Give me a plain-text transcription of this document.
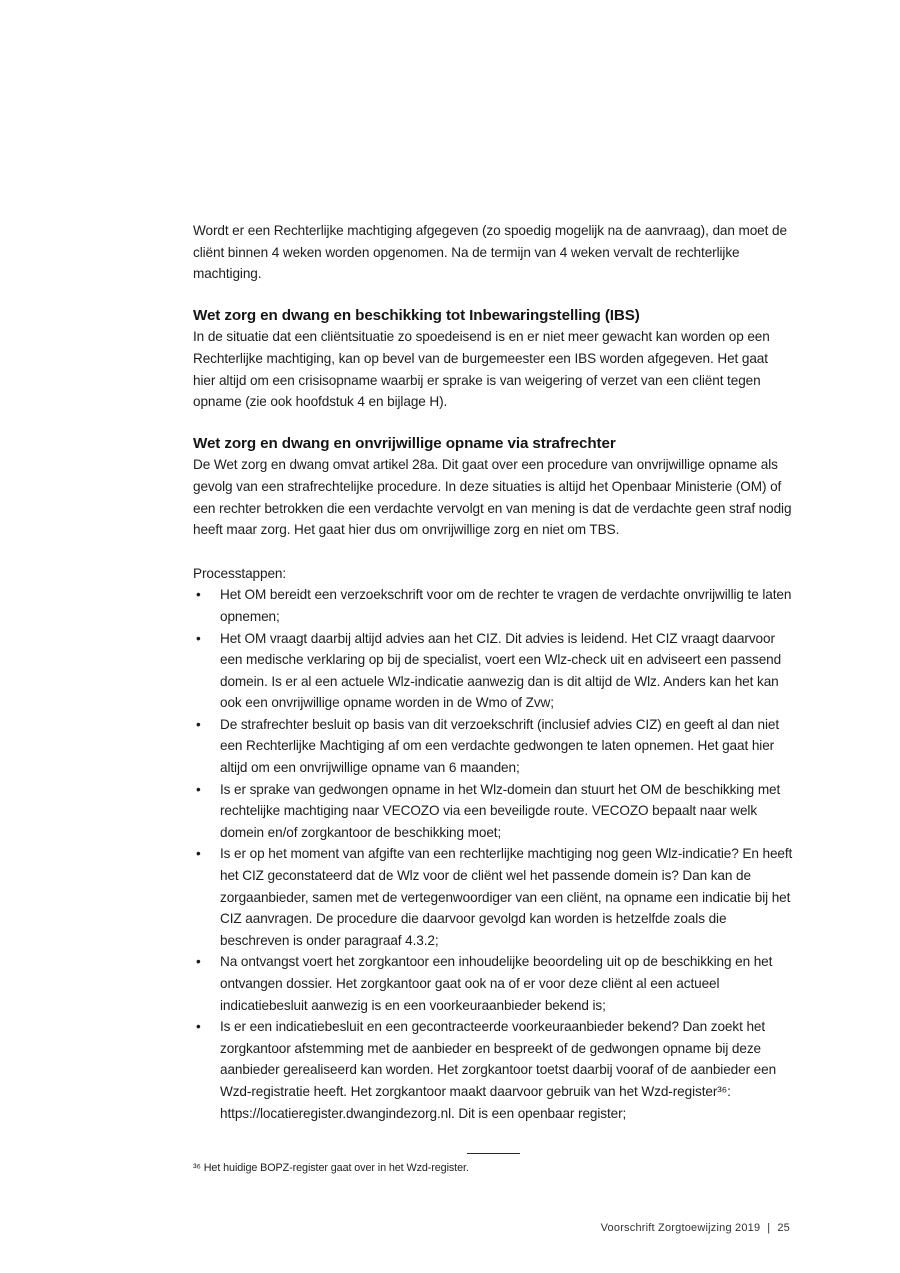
Wordt er een Rechterlijke machtiging afgegeven (zo spoedig mogelijk na de aanvraag), dan moet de cliënt binnen 4 weken worden opgenomen. Na de termijn van 4 weken vervalt de rechterlijke machtiging.

Wet zorg en dwang en beschikking tot Inbewaringstelling (IBS)

In de situatie dat een cliëntsituatie zo spoedeisend is en er niet meer gewacht kan worden op een Rechterlijke machtiging, kan op bevel van de burgemeester een IBS worden afgegeven. Het gaat hier altijd om een crisisopname waarbij er sprake is van weigering of verzet van een cliënt tegen opname (zie ook hoofdstuk 4 en bijlage H).

Wet zorg en dwang en onvrijwillige opname via strafrechter

De Wet zorg en dwang omvat artikel 28a. Dit gaat over een procedure van onvrijwillige opname als gevolg van een strafrechtelijke procedure. In deze situaties is altijd het Openbaar Ministerie (OM) of een rechter betrokken die een verdachte vervolgt en van mening is dat de verdachte geen straf nodig heeft maar zorg. Het gaat hier dus om onvrijwillige zorg en niet om TBS.

Processtappen:

• Het OM bereidt een verzoekschrift voor om de rechter te vragen de verdachte onvrijwillig te laten opnemen;
• Het OM vraagt daarbij altijd advies aan het CIZ. Dit advies is leidend. Het CIZ vraagt daarvoor een medische verklaring op bij de specialist, voert een Wlz-check uit en adviseert een passend domein. Is er al een actuele Wlz-indicatie aanwezig dan is dit altijd de Wlz. Anders kan het kan ook een onvrijwillige opname worden in de Wmo of Zvw;
• De strafrechter besluit op basis van dit verzoekschrift (inclusief advies CIZ) en geeft al dan niet een Rechterlijke Machtiging af om een verdachte gedwongen te laten opnemen. Het gaat hier altijd om een onvrijwillige opname van 6 maanden;
• Is er sprake van gedwongen opname in het Wlz-domein dan stuurt het OM de beschikking met rechtelijke machtiging naar VECOZO via een beveiligde route. VECOZO bepaalt naar welk domein en/of zorgkantoor de beschikking moet;
• Is er op het moment van afgifte van een rechterlijke machtiging nog geen Wlz-indicatie? En heeft het CIZ geconstateerd dat de Wlz voor de cliënt wel het passende domein is? Dan kan de zorgaanbieder, samen met de vertegenwoordiger van een cliënt, na opname een indicatie bij het CIZ aanvragen. De procedure die daarvoor gevolgd kan worden is hetzelfde zoals die beschreven is onder paragraaf 4.3.2;
• Na ontvangst voert het zorgkantoor een inhoudelijke beoordeling uit op de beschikking en het ontvangen dossier. Het zorgkantoor gaat ook na of er voor deze cliënt al een actueel indicatiebesluit aanwezig is en een voorkeuraanbieder bekend is;
• Is er een indicatiebesluit en een gecontracteerde voorkeuraanbieder bekend? Dan zoekt het zorgkantoor afstemming met de aanbieder en bespreekt of de gedwongen opname bij deze aanbieder gerealiseerd kan worden. Het zorgkantoor toetst daarbij vooraf of de aanbieder een Wzd-registratie heeft. Het zorgkantoor maakt daarvoor gebruik van het Wzd-register³⁶: https://locatieregister.dwangindezorg.nl. Dit is een openbaar register;

³⁶ Het huidige BOPZ-register gaat over in het Wzd-register.

Voorschrift Zorgtoewijzing 2019 | 25
